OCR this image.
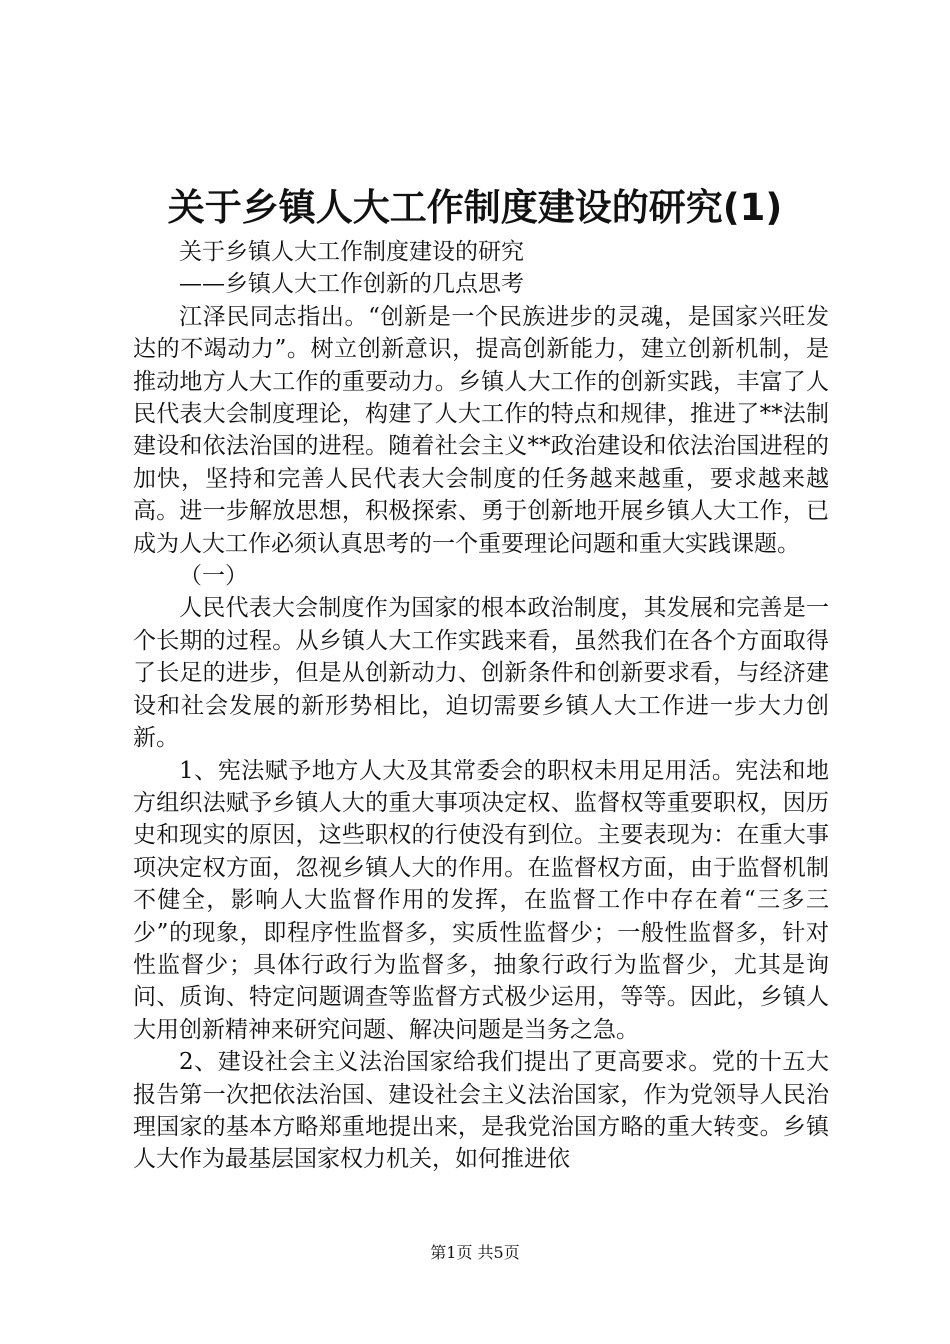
关于乡镇人大工作制度建设的研究(1)

关于乡镇人大工作制度建设的研究

——乡镇人大工作创新的几点思考

江泽民同志指出。“创新是一个民族进步的灵魂，是国家兴旺发达的不竭动力”。树立创新意识，提高创新能力，建立创新机制，是推动地方人大工作的重要动力。乡镇人大工作的创新实践，丰富了人民代表大会制度理论，构建了人大工作的特点和规律，推进了**法制建设和依法治国的进程。随着社会主义**政治建设和依法治国进程的加快，坚持和完善人民代表大会制度的任务越来越重，要求越来越高。进一步解放思想，积极探索、勇于创新地开展乡镇人大工作，已成为人大工作必须认真思考的一个重要理论问题和重大实践课题。

（一）

人民代表大会制度作为国家的根本政治制度，其发展和完善是一个长期的过程。从乡镇人大工作实践来看，虽然我们在各个方面取得了长足的进步，但是从创新动力、创新条件和创新要求看，与经济建设和社会发展的新形势相比，迫切需要乡镇人大工作进一步大力创新。

1、宪法赋予地方人大及其常委会的职权未用足用活。宪法和地方组织法赋予乡镇人大的重大事项决定权、监督权等重要职权，因历史和现实的原因，这些职权的行使没有到位。主要表现为：在重大事项决定权方面，忽视乡镇人大的作用。在监督权方面，由于监督机制不健全，影响人大监督作用的发挥，在监督工作中存在着“三多三少”的现象，即程序性监督多，实质性监督少；一般性监督多，针对性监督少；具体行政行为监督多，抽象行政行为监督少，尤其是询问、质询、特定问题调查等监督方式极少运用，等等。因此，乡镇人大用创新精神来研究问题、解决问题是当务之急。

2、建设社会主义法治国家给我们提出了更高要求。党的十五大报告第一次把依法治国、建设社会主义法治国家，作为党领导人民治理国家的基本方略郑重地提出来，是我党治国方略的重大转变。乡镇人大作为最基层国家权力机关，如何推进依

第1页 共5页
